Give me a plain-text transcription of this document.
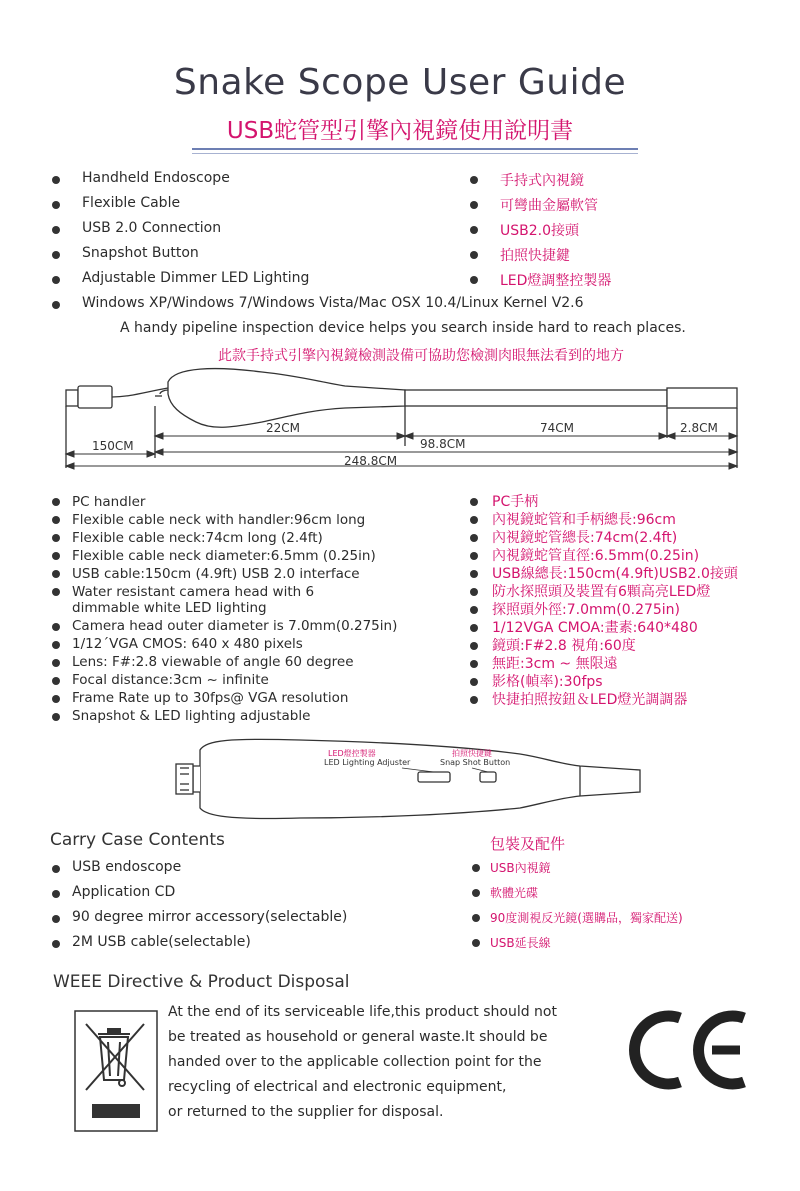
Snake Scope User Guide
USB蛇管型引擎內視鏡使用說明書
Handheld Endoscope
Flexible Cable
USB 2.0 Connection
Snapshot Button
Adjustable Dimmer LED Lighting
Windows XP/Windows 7/Windows Vista/Mac OSX 10.4/Linux Kernel V2.6
手持式內視鏡
可彎曲金屬軟管
USB2.0接頭
拍照快捷鍵
LED燈調整控製器
A handy pipeline inspection device helps you search inside hard to reach places.
此款手持式引擎內視鏡檢測設備可協助您檢測肉眼無法看到的地方
22CM	74CM	2.8CM
150CM	98.8CM
248.8CM
PC handler
Flexible cable neck with handler:96cm long
Flexible cable neck:74cm long (2.4ft)
Flexible cable neck diameter:6.5mm (0.25in)
USB cable:150cm (4.9ft) USB 2.0 interface
Water resistant camera head with 6
dimmable white LED lighting
Camera head outer diameter is 7.0mm(0.275in)
1/12´VGA CMOS: 640 x 480 pixels
Lens: F#:2.8 viewable of angle 60 degree
Focal distance:3cm ~ infinite
Frame Rate up to 30fps@ VGA resolution
Snapshot & LED lighting adjustable
PC手柄
內視鏡蛇管和手柄總長:96cm
內視鏡蛇管總長:74cm(2.4ft)
內視鏡蛇管直徑:6.5mm(0.25in)
USB線總長:150cm(4.9ft)USB2.0接頭
防水探照頭及裝置有6顆高亮LED燈
探照頭外徑:7.0mm(0.275in)
1/12VGA CMOA:畫素:640*480
鏡頭:F#2.8 視角:60度
無距:3cm ~ 無限遠
影格(幀率):30fps
快捷拍照按鈕＆LED燈光調調器
LED燈控製器
LED Lighting Adjuster
拍照快捷鍵
Snap Shot Button
Carry Case Contents	包裝及配件
USB endoscope
Application CD
90 degree mirror accessory(selectable)
2M USB cable(selectable)
USB內視鏡
軟體光碟
90度測視反光鏡(選購品，獨家配送)
USB延長線
WEEE Directive & Product Disposal
At the end of its serviceable life,this product should not
be treated as household or general waste.It should be
handed over to the applicable collection point for the
recycling of electrical and electronic equipment,
or returned to the supplier for disposal.
